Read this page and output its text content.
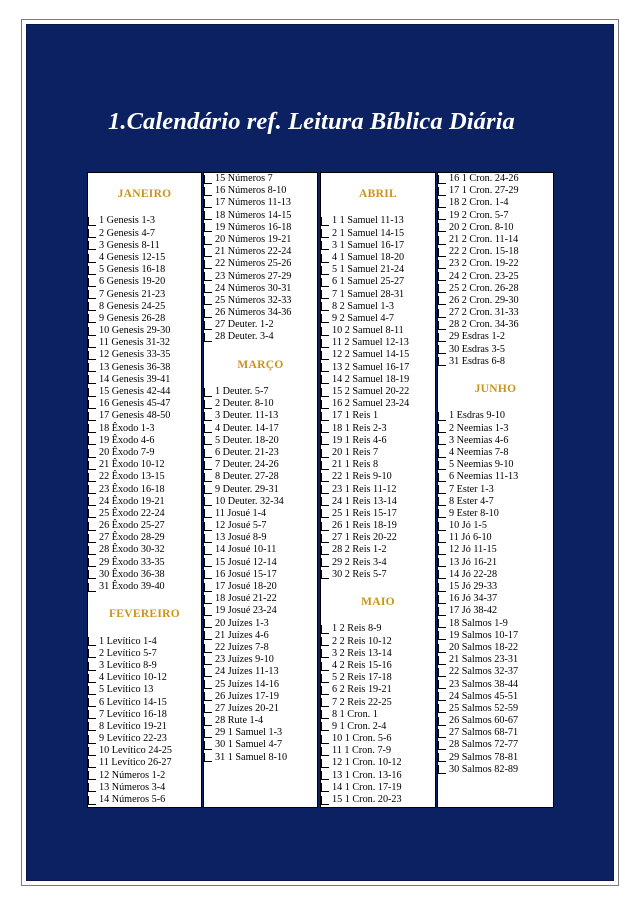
1.Calendário ref. Leitura Bíblica Diária
JANEIRO
1 Genesis 1-3
2 Genesis 4-7
3 Genesis 8-11
4 Genesis 12-15
5 Genesis 16-18
6 Genesis 19-20
7 Genesis 21-23
8 Genesis 24-25
9 Genesis 26-28
10 Genesis 29-30
11 Genesis 31-32
12 Genesis 33-35
13 Genesis 36-38
14 Genesis 39-41
15 Genesis 42-44
16 Genesis 45-47
17 Genesis 48-50
18 Êxodo 1-3
19 Êxodo 4-6
20 Êxodo 7-9
21 Êxodo 10-12
22 Êxodo 13-15
23 Êxodo 16-18
24 Êxodo 19-21
25 Êxodo 22-24
26 Êxodo 25-27
27 Êxodo 28-29
28 Êxodo 30-32
29 Êxodo 33-35
30 Êxodo 36-38
31 Êxodo 39-40
FEVEREIRO
1 Levítico 1-4
2 Levítico 5-7
3 Levítico 8-9
4 Levítico 10-12
5 Levítico 13
6 Levítico 14-15
7 Levítico 16-18
8 Levítico 19-21
9 Levítico 22-23
10 Levítico 24-25
11 Levítico 26-27
12 Números 1-2
13 Números 3-4
14 Números 5-6
15 Números 7
16 Números 8-10
17 Números 11-13
18 Números 14-15
19 Números 16-18
20 Números 19-21
21 Números 22-24
22 Números 25-26
23 Números 27-29
24 Números 30-31
25 Números 32-33
26 Números 34-36
27 Deuter. 1-2
28 Deuter. 3-4
MARÇO
1 Deuter. 5-7
2 Deuter. 8-10
3 Deuter. 11-13
4 Deuter. 14-17
5 Deuter. 18-20
6 Deuter. 21-23
7 Deuter. 24-26
8 Deuter. 27-28
9 Deuter. 29-31
10 Deuter. 32-34
11 Josué 1-4
12 Josué 5-7
13 Josué 8-9
14 Josué 10-11
15 Josué 12-14
16 Josué 15-17
17 Josué 18-20
18 Josué 21-22
19 Josué 23-24
20 Juízes 1-3
21 Juízes 4-6
22 Juízes 7-8
23 Juízes 9-10
24 Juízes 11-13
25 Juízes 14-16
26 Juízes 17-19
27 Juízes 20-21
28 Rute 1-4
29 1 Samuel 1-3
30 1 Samuel 4-7
31 1 Samuel 8-10
ABRIL
1 1 Samuel 11-13
2 1 Samuel 14-15
3 1 Samuel 16-17
4 1 Samuel 18-20
5 1 Samuel 21-24
6 1 Samuel 25-27
7 1 Samuel 28-31
8 2 Samuel 1-3
9 2 Samuel 4-7
10 2 Samuel 8-11
11 2 Samuel 12-13
12 2 Samuel 14-15
13 2 Samuel 16-17
14 2 Samuel 18-19
15 2 Samuel 20-22
16 2 Samuel 23-24
17 1 Reis 1
18 1 Reis 2-3
19 1 Reis 4-6
20 1 Reis 7
21 1 Reis 8
22 1 Reis 9-10
23 1 Reis 11-12
24 1 Reis 13-14
25 1 Reis 15-17
26 1 Reis 18-19
27 1 Reis 20-22
28 2 Reis 1-2
29 2 Reis 3-4
30 2 Reis 5-7
MAIO
1 2 Reis 8-9
2 2 Reis 10-12
3 2 Reis 13-14
4 2 Reis 15-16
5 2 Reis 17-18
6 2 Reis 19-21
7 2 Reis 22-25
8 1 Cron. 1
9 1 Cron. 2-4
10 1 Cron. 5-6
11 1 Cron. 7-9
12 1 Cron. 10-12
13 1 Cron. 13-16
14 1 Cron. 17-19
15 1 Cron. 20-23
16 1 Cron. 24-26
17 1 Cron. 27-29
18 2 Cron. 1-4
19 2 Cron. 5-7
20 2 Cron. 8-10
21 2 Cron. 11-14
22 2 Cron. 15-18
23 2 Cron. 19-22
24 2 Cron. 23-25
25 2 Cron. 26-28
26 2 Cron. 29-30
27 2 Cron. 31-33
28 2 Cron. 34-36
29 Esdras 1-2
30 Esdras 3-5
31 Esdras 6-8
JUNHO
1 Esdras 9-10
2 Neemias 1-3
3 Neemias 4-6
4 Neemias 7-8
5 Neemias 9-10
6 Neemias 11-13
7 Ester 1-3
8 Ester 4-7
9 Ester 8-10
10 Jó 1-5
11 Jó 6-10
12 Jó 11-15
13 Jó 16-21
14 Jó 22-28
15 Jó 29-33
16 Jó 34-37
17 Jó 38-42
18 Salmos 1-9
19 Salmos 10-17
20 Salmos 18-22
21 Salmos 23-31
22 Salmos 32-37
23 Salmos 38-44
24 Salmos 45-51
25 Salmos 52-59
26 Salmos 60-67
27 Salmos 68-71
28 Salmos 72-77
29 Salmos 78-81
30 Salmos 82-89
